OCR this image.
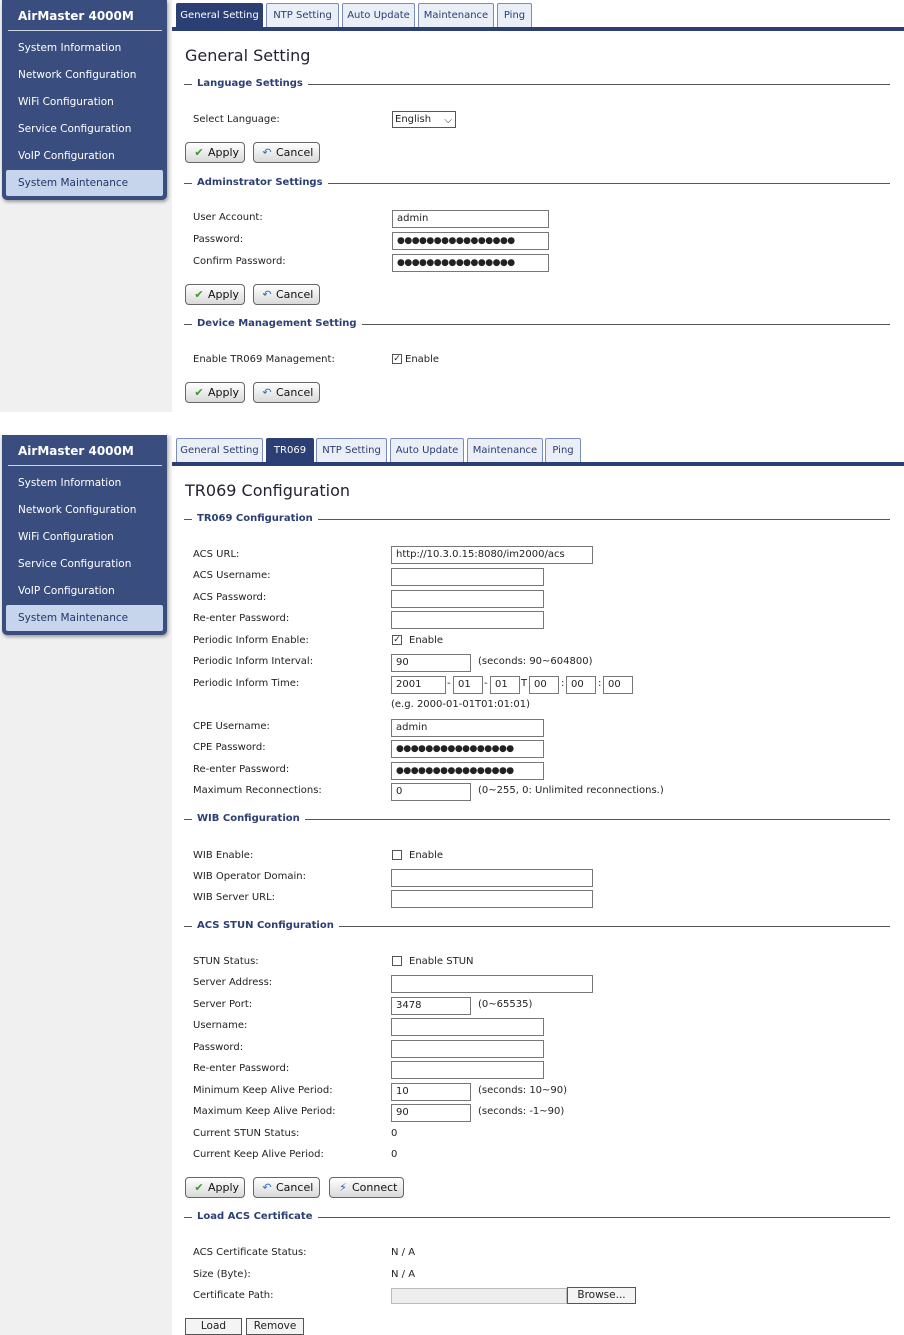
AirMaster 4000M
System Information
Network Configuration
WiFi Configuration
Service Configuration
VoIP Configuration
System Maintenance
General Setting	NTP Setting	Auto Update	Maintenance	Ping
General Setting
Language Settings
Select Language:	English ⌵
✔ Apply	↶ Cancel
Adminstrator Settings
User Account:	admin
Password:	●●●●●●●●●●●●●●●●
Confirm Password:	●●●●●●●●●●●●●●●●
✔ Apply	↶ Cancel
Device Management Setting
Enable TR069 Management:	✓ Enable
✔ Apply	↶ Cancel
AirMaster 4000M
System Information
Network Configuration
WiFi Configuration
Service Configuration
VoIP Configuration
System Maintenance
General Setting	TR069	NTP Setting	Auto Update	Maintenance	Ping
TR069 Configuration
TR069 Configuration
ACS URL:	http://10.3.0.15:8080/im2000/acs
ACS Username:
ACS Password:
Re-enter Password:
Periodic Inform Enable:	✓ Enable
Periodic Inform Interval:	90	(seconds: 90~604800)
Periodic Inform Time:	2001	- 01	- 01	T 00	: 00	: 00
(e.g. 2000-01-01T01:01:01)
CPE Username:	admin
CPE Password:	●●●●●●●●●●●●●●●●
Re-enter Password:	●●●●●●●●●●●●●●●●
Maximum Reconnections:	0	(0~255, 0: Unlimited reconnections.)
WIB Configuration
WIB Enable:	Enable
WIB Operator Domain:
WIB Server URL:
ACS STUN Configuration
STUN Status:	Enable STUN
Server Address:
Server Port:	3478	(0~65535)
Username:
Password:
Re-enter Password:
Minimum Keep Alive Period:	10	(seconds: 10~90)
Maximum Keep Alive Period:	90	(seconds: -1~90)
Current STUN Status:	0
Current Keep Alive Period:	0
✔ Apply	↶ Cancel	⚡ Connect
Load ACS Certificate
ACS Certificate Status:	N / A
Size (Byte):	N / A
Certificate Path:	Browse...
Load	Remove
